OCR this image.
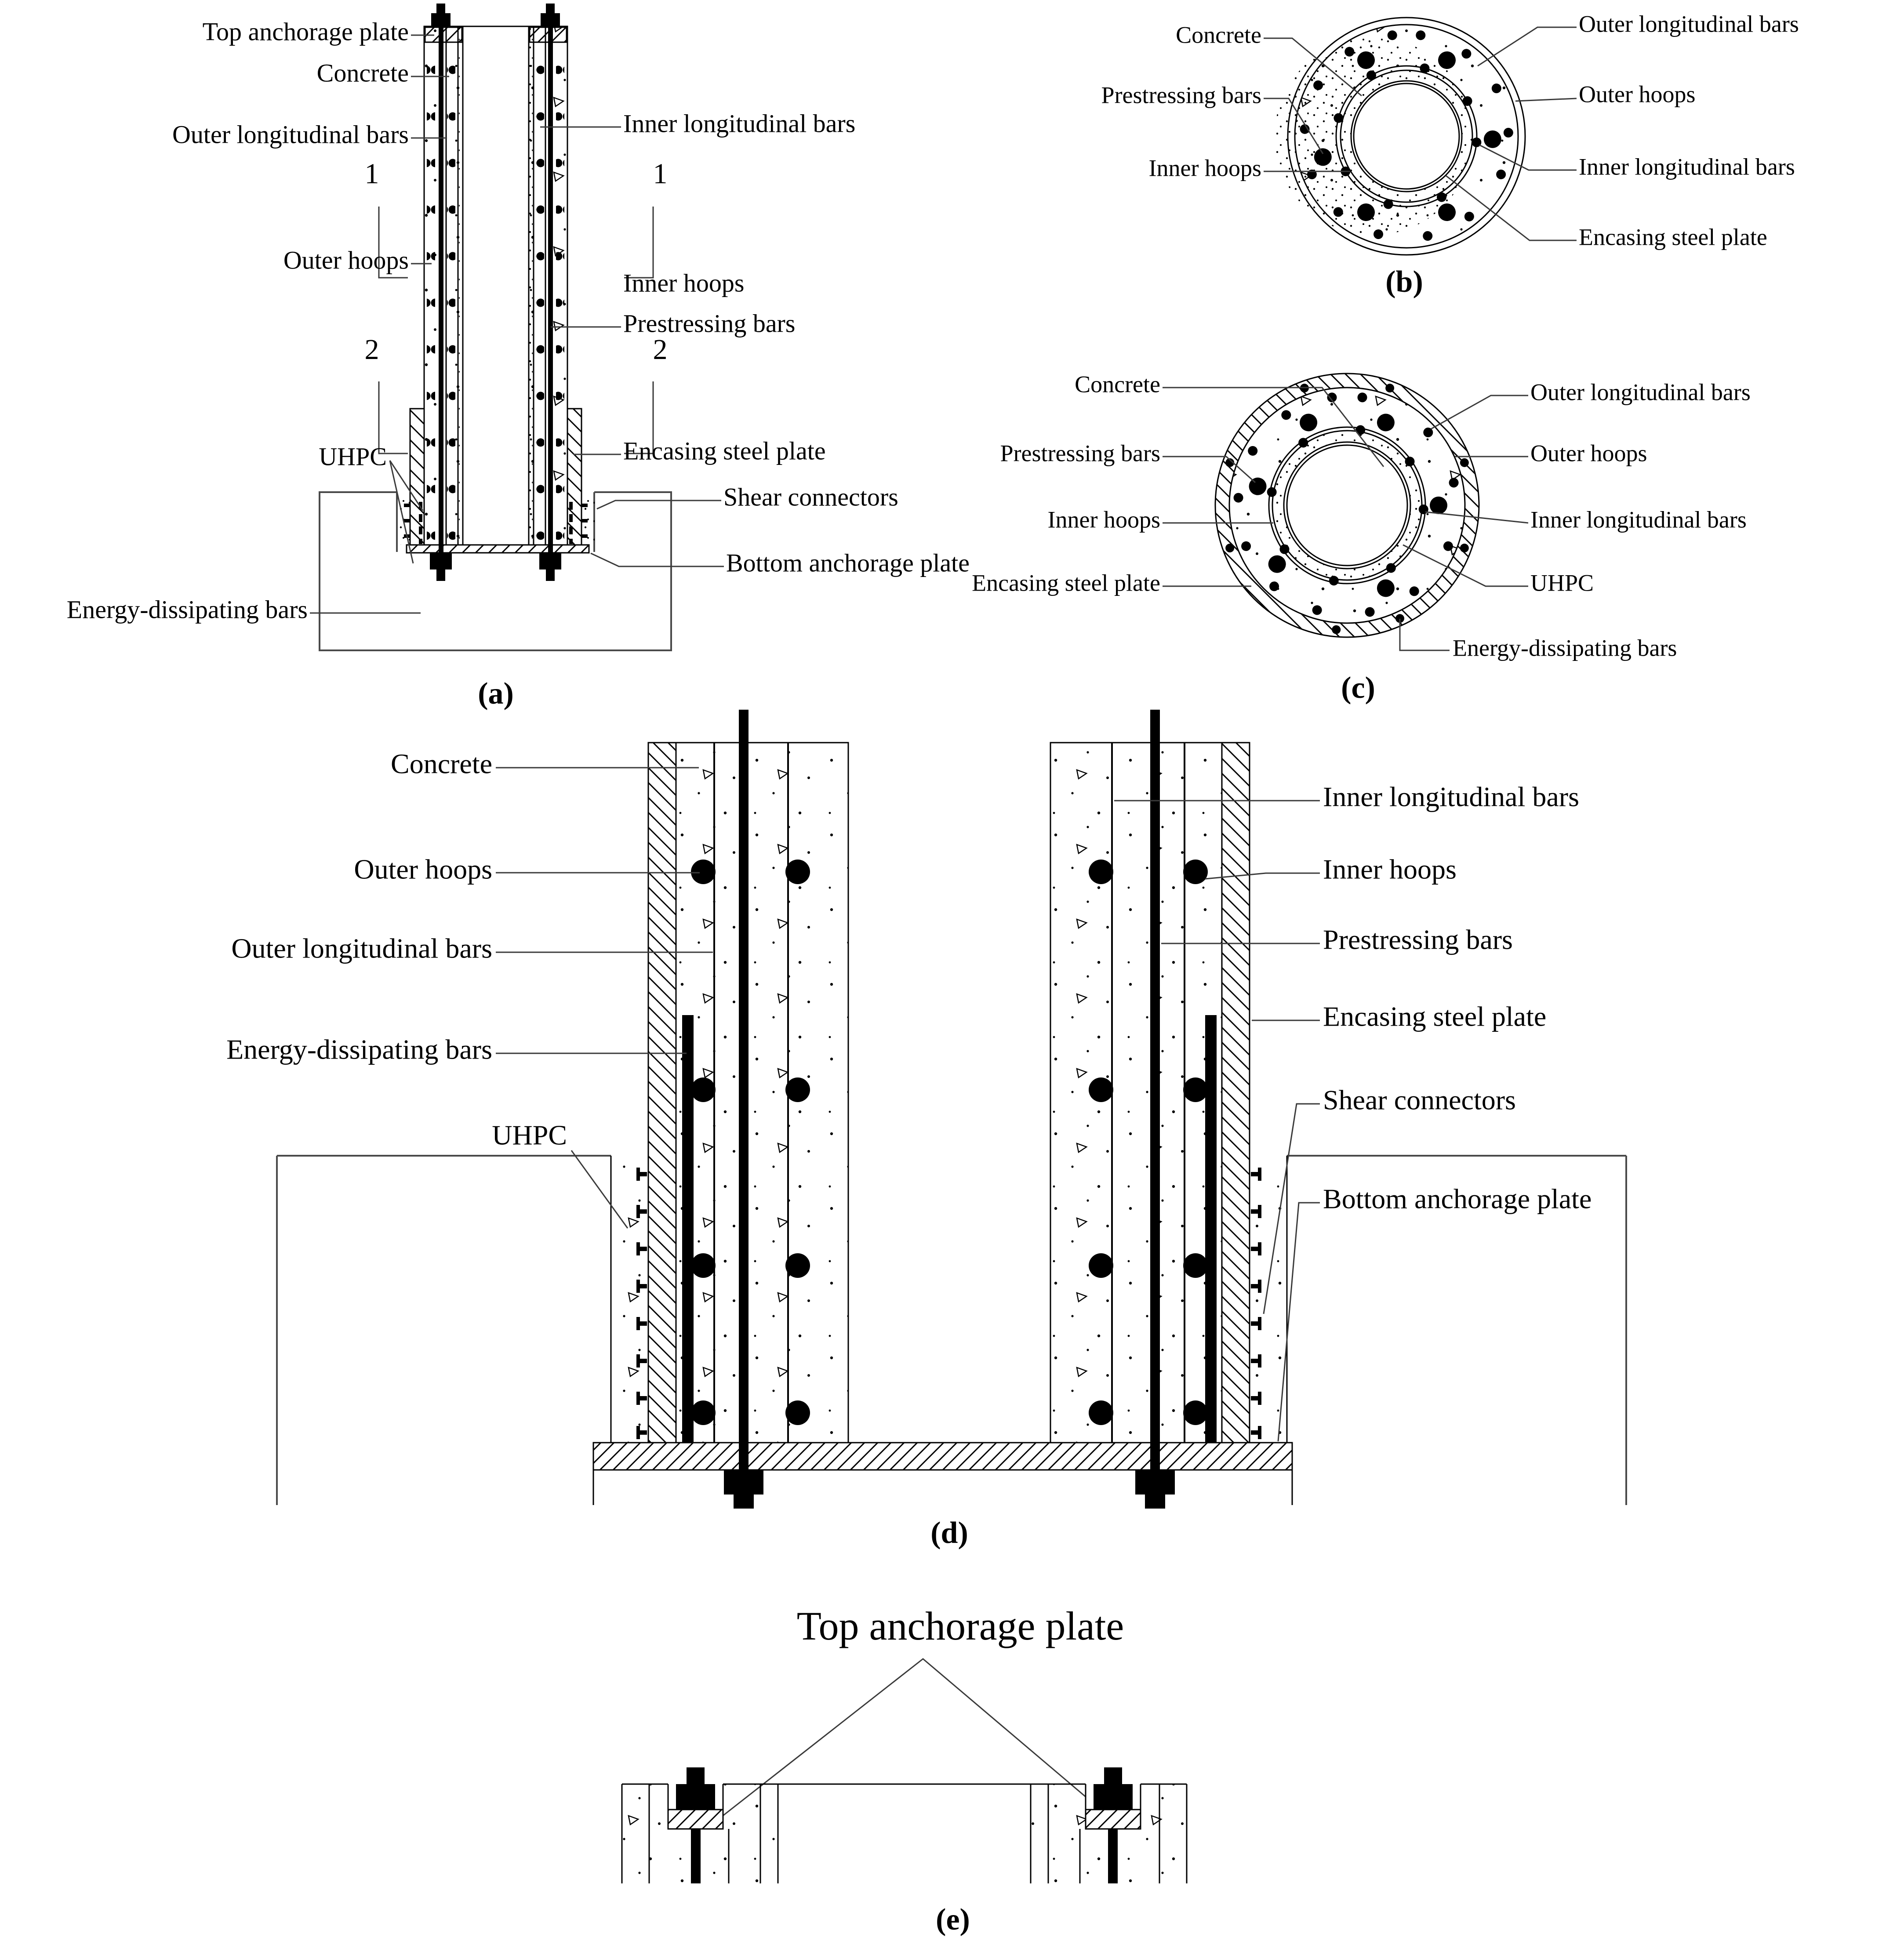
1	1
2	2
Top anchorage plate
Concrete
Outer longitudinal bars
Outer hoops
UHPC
Energy-dissipating bars
Inner longitudinal bars
Inner hoops
Prestressing bars
Encasing steel plate
Shear connectors
Bottom anchorage plate
(a)
Concrete
Prestressing bars
Inner hoops
Outer longitudinal bars
Outer hoops
Inner longitudinal bars
Encasing steel plate
(b)
Concrete
Prestressing bars
Inner hoops
Encasing steel plate
Outer longitudinal bars
Outer hoops
Inner longitudinal bars
UHPC
Energy-dissipating bars
(c)
Concrete
Outer hoops
Outer longitudinal bars
Energy-dissipating bars
UHPC
Inner longitudinal bars
Inner hoops
Prestressing bars
Encasing steel plate
Shear connectors
Bottom anchorage plate
(d)
Top anchorage plate
(e)
